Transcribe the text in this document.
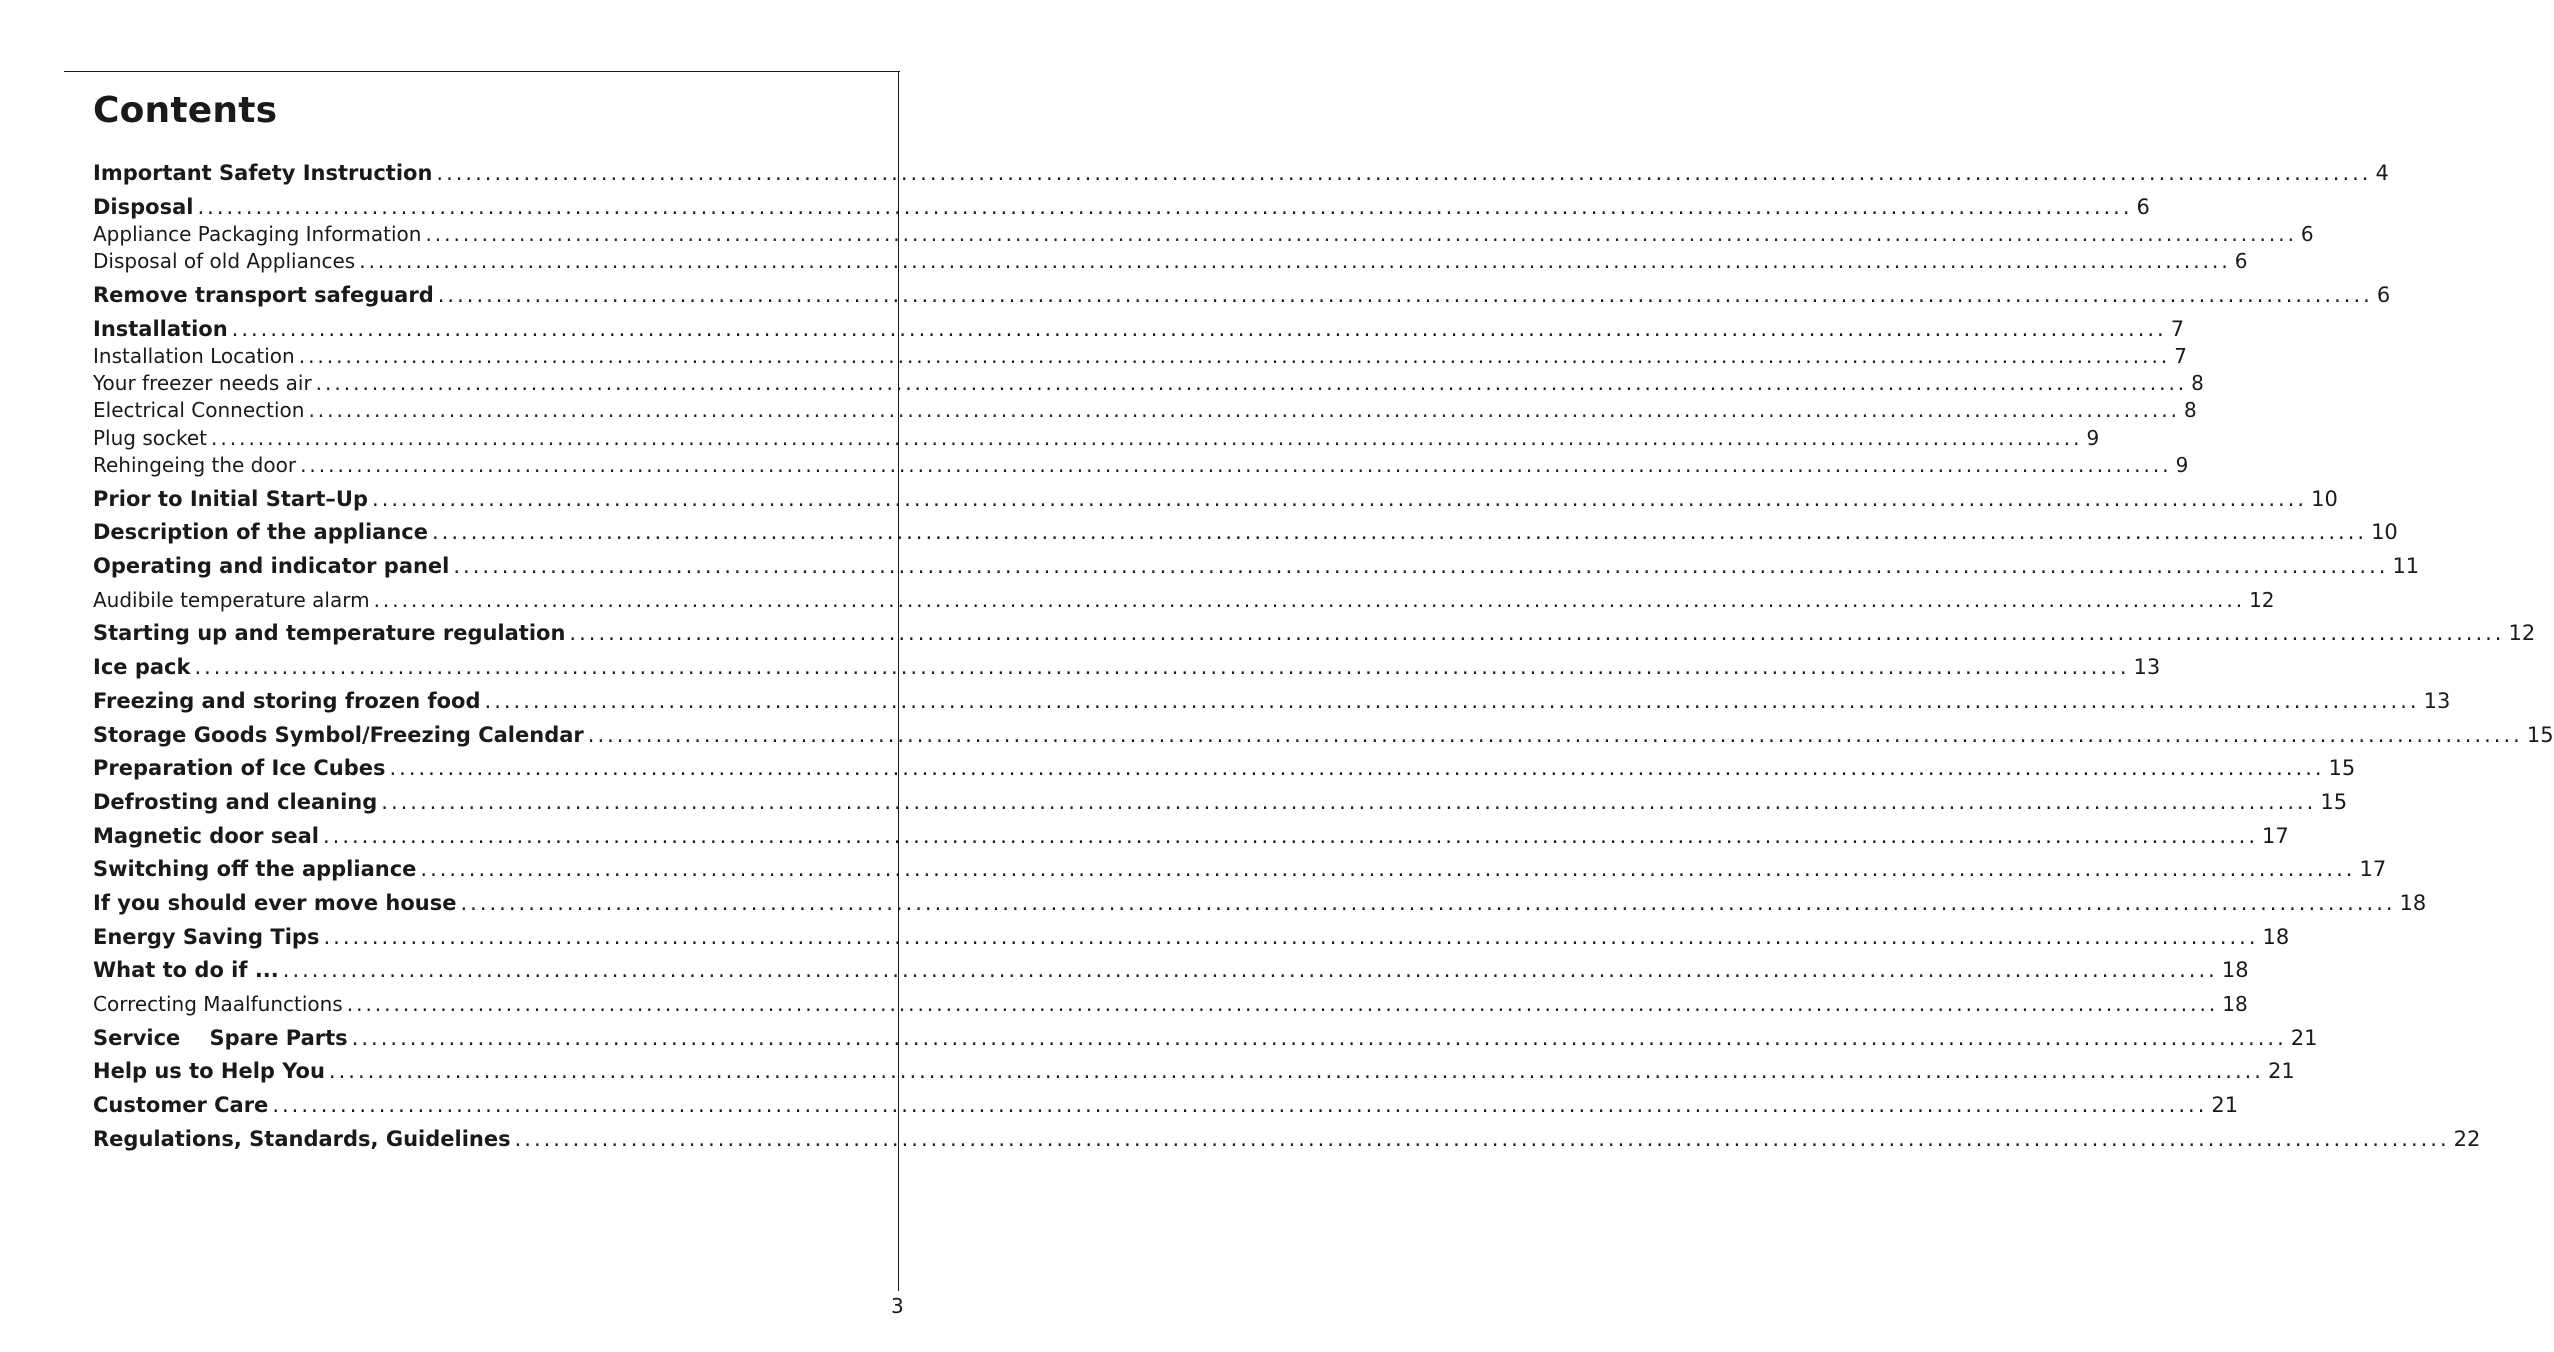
Contents
Important Safety Instruction ........................................................................................................................................................................................................ 4
Disposal ........................................................................................................................................................................................................ 6
Appliance Packaging Information ........................................................................................................................................................................................................ 6
Disposal of old Appliances ........................................................................................................................................................................................................ 6
Remove transport safeguard ........................................................................................................................................................................................................ 6
Installation ........................................................................................................................................................................................................ 7
Installation Location ........................................................................................................................................................................................................ 7
Your freezer needs air ........................................................................................................................................................................................................ 8
Electrical Connection ........................................................................................................................................................................................................ 8
Plug socket ........................................................................................................................................................................................................ 9
Rehingeing the door ........................................................................................................................................................................................................ 9
Prior to Initial Start–Up ........................................................................................................................................................................................................ 10
Description of the appliance ........................................................................................................................................................................................................ 10
Operating and indicator panel ........................................................................................................................................................................................................ 11
Audibile temperature alarm ........................................................................................................................................................................................................ 12
Starting up and temperature regulation ........................................................................................................................................................................................................ 12
Ice pack ........................................................................................................................................................................................................ 13
Freezing and storing frozen food ........................................................................................................................................................................................................ 13
Storage Goods Symbol/Freezing Calendar ........................................................................................................................................................................................................ 15
Preparation of Ice Cubes ........................................................................................................................................................................................................ 15
Defrosting and cleaning ........................................................................................................................................................................................................ 15
Magnetic door seal ........................................................................................................................................................................................................ 17
Switching off the appliance ........................................................................................................................................................................................................ 17
If you should ever move house ........................................................................................................................................................................................................ 18
Energy Saving Tips ........................................................................................................................................................................................................ 18
What to do if ... ........................................................................................................................................................................................................ 18
Correcting Maalfunctions ........................................................................................................................................................................................................ 18
Service    Spare Parts ........................................................................................................................................................................................................ 21
Help us to Help You ........................................................................................................................................................................................................ 21
Customer Care ........................................................................................................................................................................................................ 21
Regulations, Standards, Guidelines ........................................................................................................................................................................................................ 22
3
